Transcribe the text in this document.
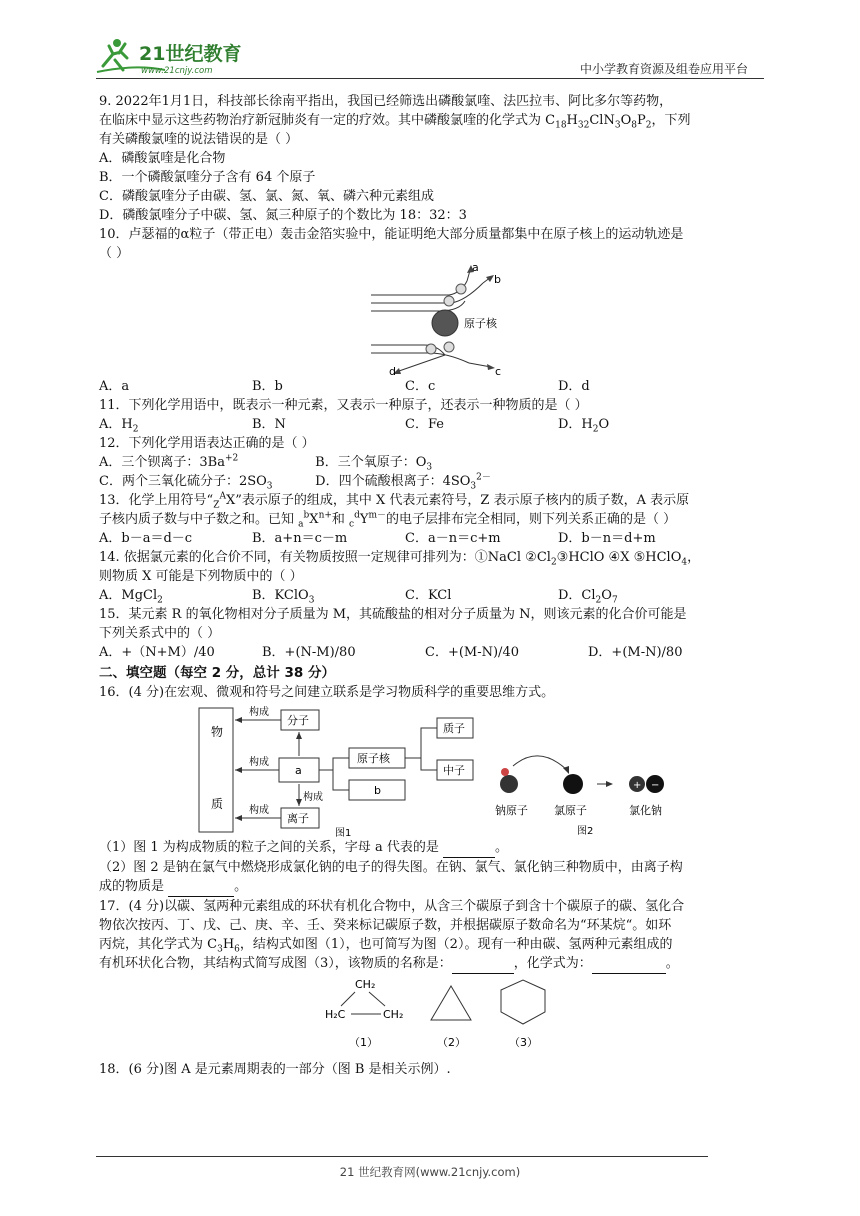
21世纪教育
www.21cnjy.com	中小学教育资源及组卷应用平台

9. 2022年1月1日，科技部长徐南平指出，我国已经筛选出磷酸氯喹、法匹拉韦、阿比多尔等药物，

在临床中显示这些药物治疗新冠肺炎有一定的疗效。其中磷酸氯喹的化学式为 $C_{18}H_{32}ClN_3O_8P_2$，下列

有关磷酸氯喹的说法错误的是（ ）

A．磷酸氯喹是化合物

B．一个磷酸氯喹分子含有 64 个原子

C．磷酸氯喹分子由碳、氢、氯、氮、氧、磷六种元素组成

D．磷酸氯喹分子中碳、氢、氮三种原子的个数比为 18：32：3

10．卢瑟福的α粒子（带正电）轰击金箔实验中，能证明绝大部分质量都集中在原子核上的运动轨迹是

（ ）

原子核
a
b
d	c

A．a	B．b	C．c	D．d

11．下列化学用语中，既表示一种元素，又表示一种原子，还表示一种物质的是（ ）

A．$H_2$	B．N	C．Fe	D．$H_2O$

12．下列化学用语表达正确的是（ ）

A．三个钡离子：$3Ba^{+2}$	B．三个氧原子：$O_3$

C．两个三氧化硫分子：$2SO_3$	D．四个硫酸根离子：$4SO_3^{2-}$

13．化学上用符号“$_Z^AX$”表示原子的组成，其中 X 代表元素符号，Z 表示原子核内的质子数，A 表示原

子核内质子数与中子数之和。已知 $_a^bX^{n+}$和 $_c^dY^{m-}$的电子层排布完全相同，则下列关系正确的是（ ）

A．b－a＝d－c	B．a+n＝c－m	C．a－n＝c+m	D．b－n＝d+m

14. 依据氯元素的化合价不同，有关物质按照一定规律可排列为：①NaCl $②Cl_2③HClO$ ④X ⑤HClO$_4$，

则物质 X 可能是下列物质中的（ ）

A．MgCl$_2$	B．KClO$_3$	C．KCl	D．$Cl_2O_7$

15．某元素 R 的氧化物相对分子质量为 M，其硫酸盐的相对分子质量为 N，则该元素的化合价可能是

下列关系式中的（ ）

A．+（N+M）/40	B．+(N-M)/80	C．+(M-N)/40	D．+(M-N)/80

二、填空题（每空 2 分，总计 38 分）

16．(4 分)在宏观、微观和符号之间建立联系是学习物质科学的重要思维方式。

物
质
分子
a
原子核
b
离子
质子
中子
构成
构成
构成
构成
图1
+ −
钠原子 氯原子	氯化钠
图2

（1）图 1 为构成物质的粒子之间的关系，字母 a 代表的是	。

（2）图 2 是钠在氯气中燃烧形成氯化钠的电子的得失图。在钠、氯气、氯化钠三种物质中，由离子构

成的物质是	。

17．(4 分)以碳、氢两种元素组成的环状有机化合物中，从含三个碳原子到含十个碳原子的碳、氢化合

物依次按丙、丁、戊、己、庚、辛、壬、癸来标记碳原子数，并根据碳原子数命名为“环某烷“。如环

丙烷，其化学式为 $C_3H_6$，结构式如图（1），也可简写为图（2）。现有一种由碳、氢两种元素组成的

有机环状化合物，其结构式简写成图（3），该物质的名称是：	，化学式为：	。

CH₂
H₂C	CH₂
（1）	（2）	（3）

18．(6 分)图 A 是元素周期表的一部分（图 B 是相关示例）.

21 世纪教育网(www.21cnjy.com)
